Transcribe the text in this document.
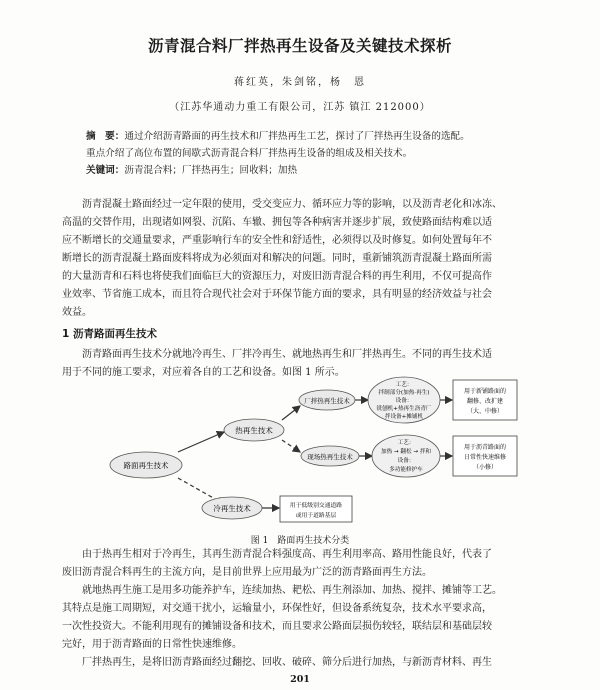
沥青混合料厂拌热再生设备及关键技术探析
蒋红英，朱剑铭，杨　恩
（江苏华通动力重工有限公司，江苏 镇江 212000）
摘　要：通过介绍沥青路面的再生技术和厂拌热再生工艺，探讨了厂拌热再生设备的选配。
重点介绍了高位布置的间歇式沥青混合料厂拌热再生设备的组成及相关技术。
关键词：沥青混合料；厂拌热再生；回收料；加热
沥青混凝土路面经过一定年限的使用，受交变应力、循环应力等的影响，以及沥青老化和冰冻、
高温的交替作用，出现诸如网裂、沉陷、车辙、拥包等各种病害并逐步扩展，致使路面结构难以适
应不断增长的交通量要求，严重影响行车的安全性和舒适性，必须得以及时修复。如何处置每年不
断增长的沥青混凝土路面废料将成为必须面对和解决的问题。同时，重新铺筑沥青混凝土路面所需
的大量沥青和石料也将使我们面临巨大的资源压力，对废旧沥青混合料的再生利用，不仅可提高作
业效率、节省施工成本，而且符合现代社会对于环保节能方面的要求，具有明显的经济效益与社会
效益。
1 沥青路面再生技术
沥青路面再生技术分就地冷再生、厂拌冷再生、就地热再生和厂拌热再生。不同的再生技术适
用于不同的施工要求，对应着各自的工艺和设备。如图 1 所示。
路面再生技术
热再生技术
冷再生技术
厂拌热再生技术
现场热再生技术
工艺：
拌制部分(加热·再生)
设备：
铣刨机+热再生沥青厂
拌设备+摊铺机
工艺：
加热 → 翻松 → 拌和
设备：
多功能修护车
用于新铺路面的
翻修、改扩建
（大、中修）
用于沥青路面的
日常性快速维修
（小修）
用于低级别交通道路
或用于道路基层
图 1　路面再生技术分类
由于热再生相对于冷再生，其再生沥青混合料强度高、再生利用率高、路用性能良好，代表了
废旧沥青混合料再生的主流方向，是目前世界上应用最为广泛的沥青路面再生方法。
就地热再生施工是用多功能养护车，连续加热、耙松、再生剂添加、加热、搅拌、摊铺等工艺。
其特点是施工周期短，对交通干扰小，运输量小，环保性好，但设备系统复杂，技术水平要求高，
一次性投资大。不能利用现有的摊铺设备和技术，而且要求公路面层损伤较轻，联结层和基础层较
完好，用于沥青路面的日常性快速维修。
厂拌热再生，是将旧沥青路面经过翻挖、回收、破碎、筛分后进行加热，与新沥青材料、再生
201
